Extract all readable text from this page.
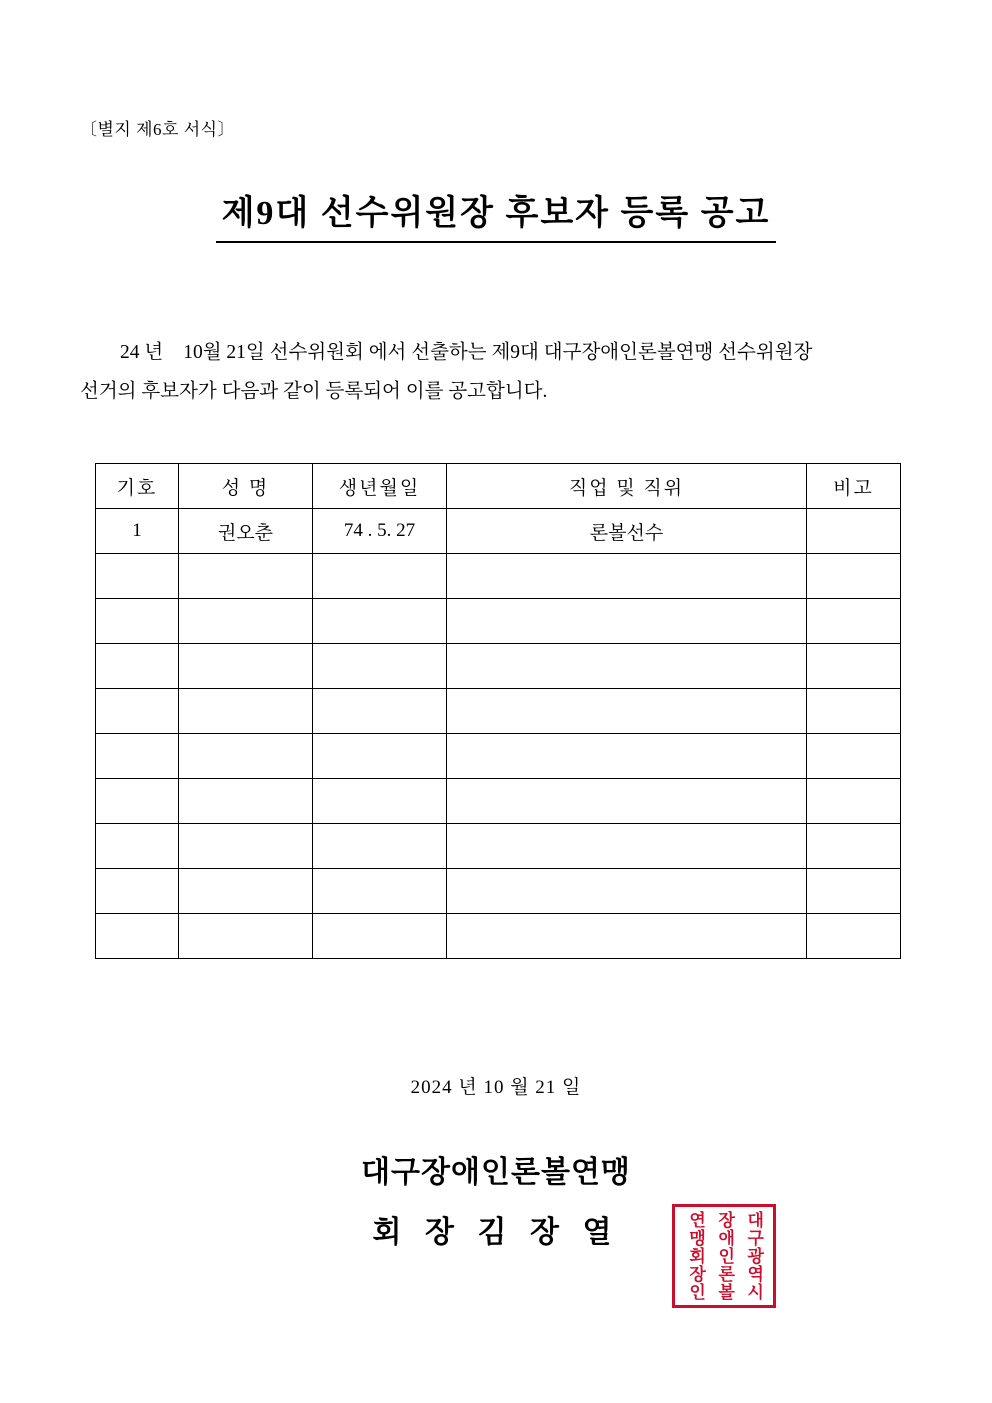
〔별지 제6호 서식〕
제9대 선수위원장 후보자 등록 공고
24 년 10월 21일 선수위원회 에서 선출하는 제9대 대구장애인론볼연맹 선수위원장
선거의 후보자가 다음과 같이 등록되어 이를 공고합니다.
기호	성 명	생년월일	직업 및 직위	비고
1	권오춘	74 . 5. 27	론볼선수	

2024 년 10 월 21 일
대구장애인론볼연맹
회 장 김 장 열	대구광역시
장애인론볼
연맹회장인
